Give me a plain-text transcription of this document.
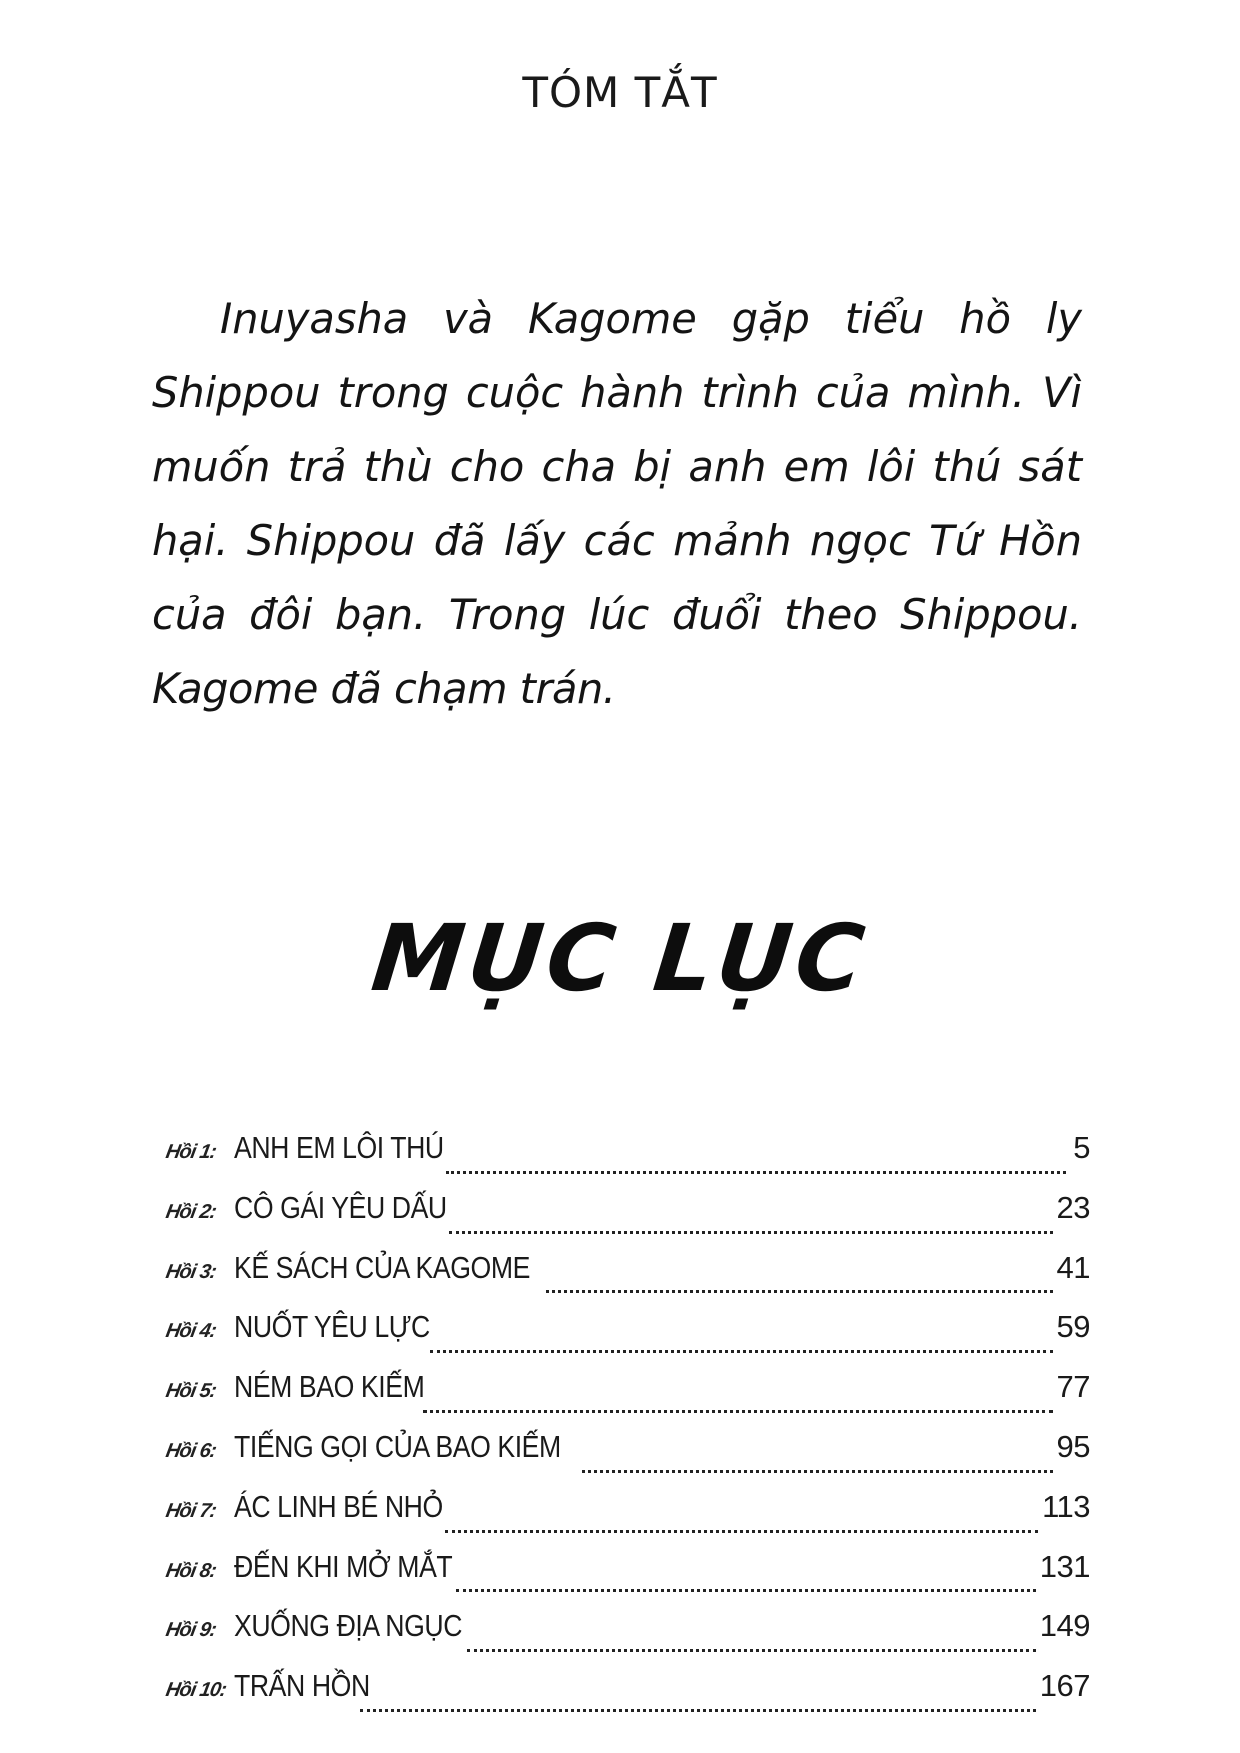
TÓM TẮT
Inuyasha và Kagome gặp tiểu hồ ly
Shippou trong cuộc hành trình của mình. Vì
muốn trả thù cho cha bị anh em lôi thú sát
hại. Shippou đã lấy các mảnh ngọc Tứ Hồn
của đôi bạn. Trong lúc đuổi theo Shippou.
Kagome đã chạm trán.
MỤC LỤC
Hồi 1: ANH EM LÔI THÚ	5
Hồi 2: CÔ GÁI YÊU DẤU	23
Hồi 3: KẾ SÁCH CỦA KAGOME	41
Hồi 4: NUỐT YÊU LỰC	59
Hồi 5: NÉM BAO KIẾM	77
Hồi 6: TIẾNG GỌI CỦA BAO KIẾM	95
Hồi 7: ÁC LINH BÉ NHỎ	113
Hồi 8: ĐẾN KHI MỞ MẮT	131
Hồi 9: XUỐNG ĐỊA NGỤC	149
Hồi 10: TRẤN HỒN	167
